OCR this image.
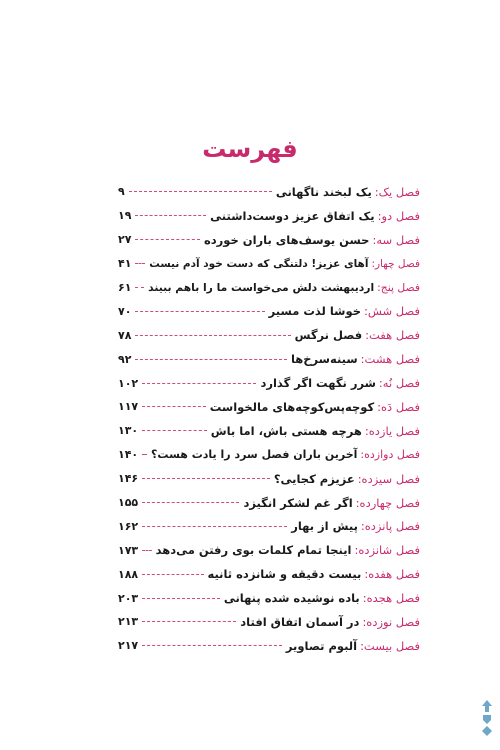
فهرست
فصل یک:
یک لبخند ناگهانی
۹
فصل دو:
یک اتفاق عزیز دوست‌داشتنی
۱۹
فصل سه:
حسن یوسف‌های باران خورده
۲۷
فصل چهار:
آهای عزیز! دلتنگی که دست خود آدم نیست
۴۱
فصل پنج:
اردیبهشت دلش می‌خواست ما را باهم ببیند
۶۱
فصل شش:
خوشا لذت مسیر
۷۰
فصل هفت:
فصل نرگس
۷۸
فصل هشت:
سینه‌سرخ‌ها
۹۲
فصل نُه:
شرر نگهت اگر گذارد
۱۰۲
فصل دَه:
کوچه‌پس‌کوچه‌های مالخواست
۱۱۷
فصل یازده:
هرچه هستی باش، اما باش
۱۳۰
فصل دوازده:
آخرین باران فصل سرد را یادت هست؟
۱۴۰
فصل سیزده:
عزیزم کجایی؟
۱۴۶
فصل چهارده:
اگر غم لشکر انگیزد
۱۵۵
فصل پانزده:
پیش از بهار
۱۶۲
فصل شانزده:
اینجا تمام کلمات بوی رفتن می‌دهد
۱۷۳
فصل هفده:
بیست دقیقه و شانزده ثانیه
۱۸۸
فصل هجده:
باده نوشیده شده پنهانی
۲۰۳
فصل نوزده:
در آسمان اتفاق افتاد
۲۱۳
فصل بیست:
آلبوم تصاویر
۲۱۷
